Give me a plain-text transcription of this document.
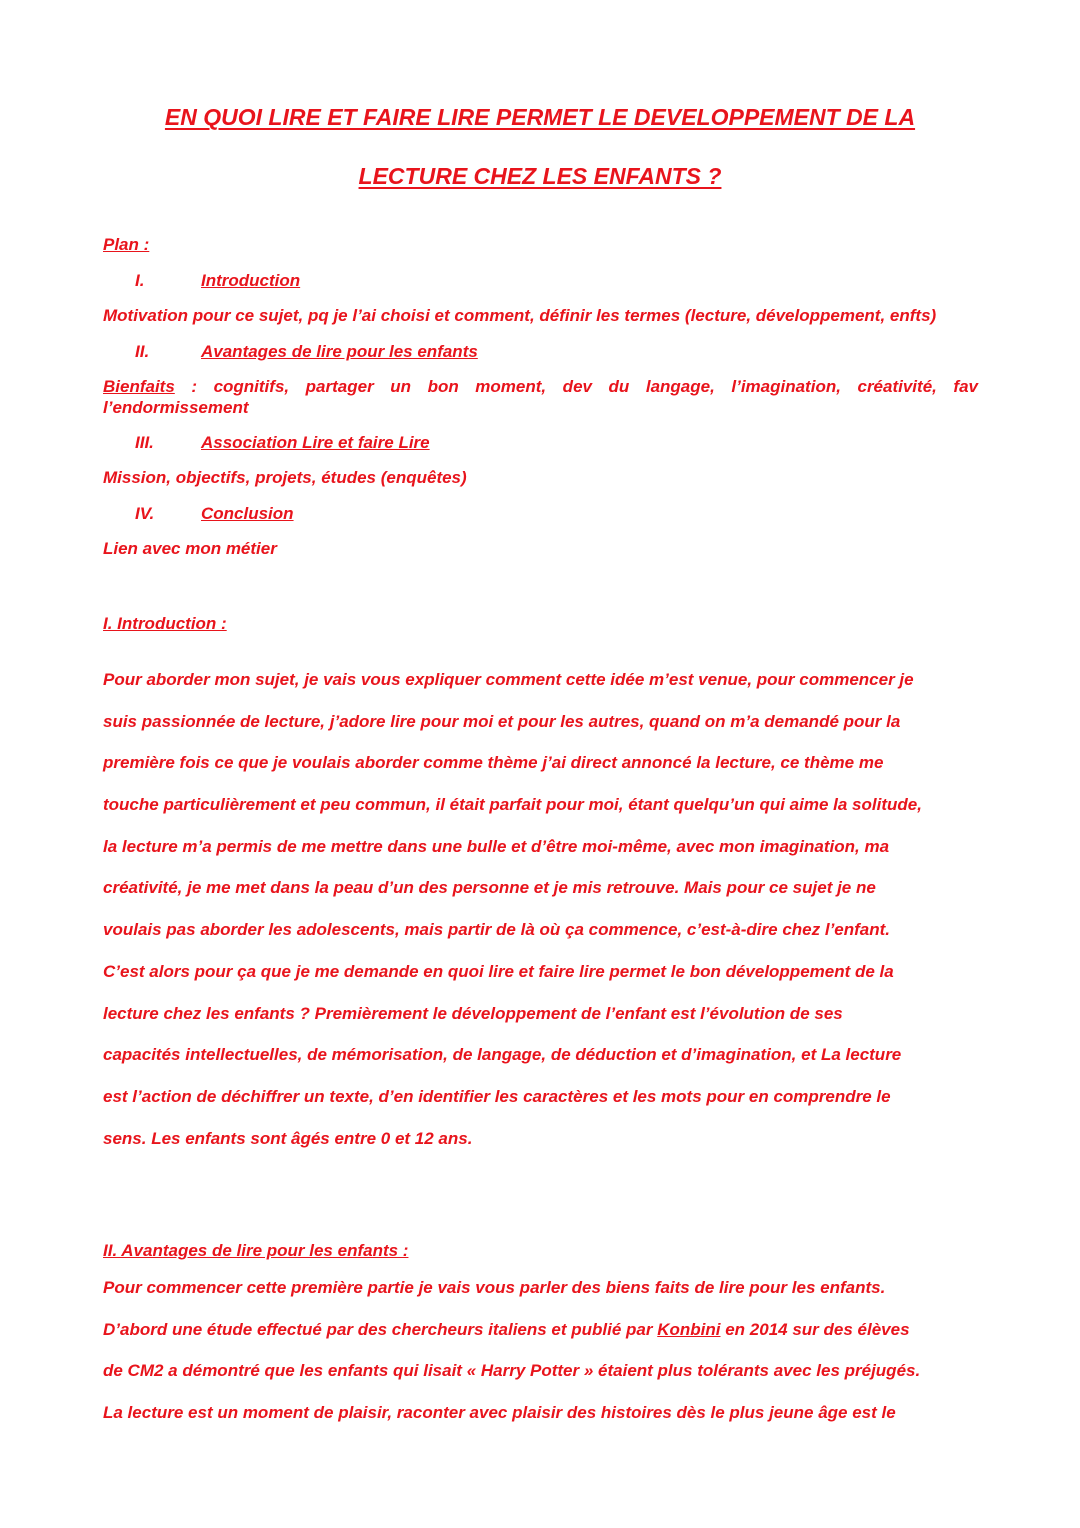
EN QUOI LIRE ET FAIRE LIRE PERMET LE DEVELOPPEMENT DE LA
LECTURE CHEZ LES ENFANTS ?
Plan :
I.	Introduction
Motivation pour ce sujet, pq je l’ai choisi et comment, définir les termes (lecture, développement, enfts)
II.	Avantages de lire pour les enfants
Bienfaits : cognitifs, partager un bon moment, dev du langage, l’imagination, créativité, fav l’endormissement
III.	Association Lire et faire Lire
Mission, objectifs, projets, études (enquêtes)
IV.	Conclusion
Lien avec mon métier
I. Introduction :
Pour aborder mon sujet, je vais vous expliquer comment cette idée m’est venue, pour commencer je
suis passionnée de lecture, j’adore lire pour moi et pour les autres, quand on m’a demandé pour la
première fois ce que je voulais aborder comme thème j’ai direct annoncé la lecture, ce thème me
touche particulièrement et peu commun, il était parfait pour moi, étant quelqu’un qui aime la solitude,
la lecture m’a permis de me mettre dans une bulle et d’être moi-même, avec mon imagination, ma
créativité, je me met dans la peau d’un des personne et je mis retrouve. Mais pour ce sujet je ne
voulais pas aborder les adolescents, mais partir de là où ça commence, c’est-à-dire chez l’enfant.
C’est alors pour ça que je me demande en quoi lire et faire lire permet le bon développement de la
lecture chez les enfants ? Premièrement le développement de l’enfant est l’évolution de ses
capacités intellectuelles, de mémorisation, de langage, de déduction et d’imagination, et La lecture
est l’action de déchiffrer un texte, d’en identifier les caractères et les mots pour en comprendre le
sens. Les enfants sont âgés entre 0 et 12 ans.
II. Avantages de lire pour les enfants :
Pour commencer cette première partie je vais vous parler des biens faits de lire pour les enfants.
D’abord une étude effectué par des chercheurs italiens et publié par Konbini en 2014 sur des élèves
de CM2 a démontré que les enfants qui lisait « Harry Potter » étaient plus tolérants avec les préjugés.
La lecture est un moment de plaisir, raconter avec plaisir des histoires dès le plus jeune âge est le
